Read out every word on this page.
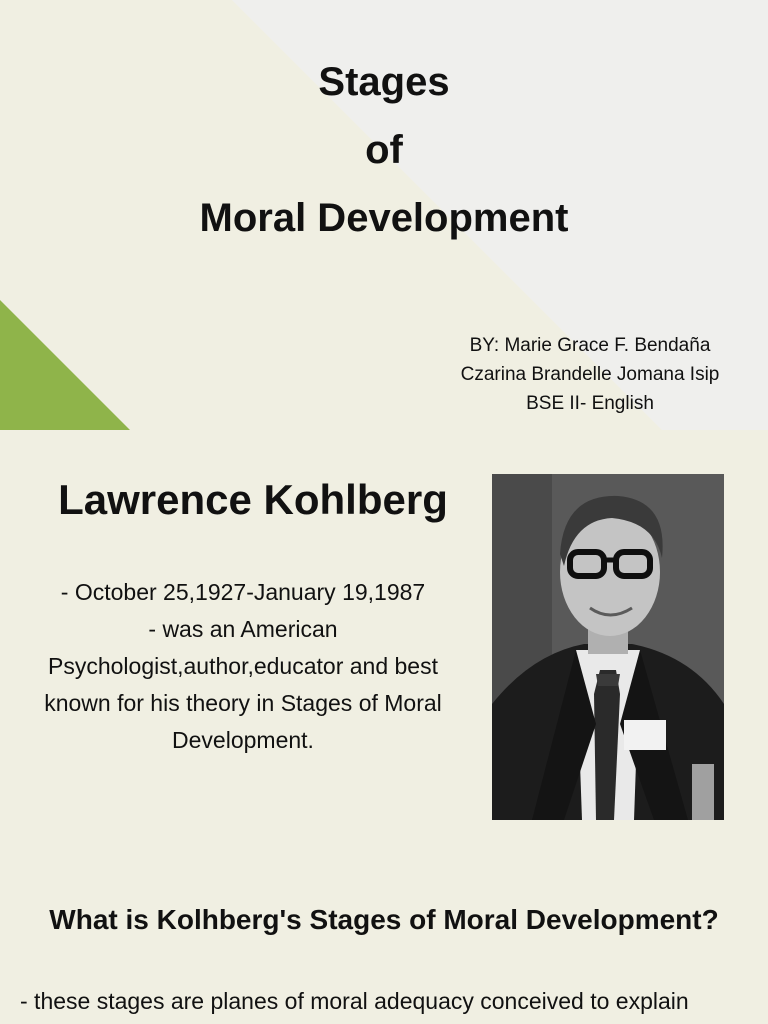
Stages
of
Moral Development
BY: Marie Grace F. Bendaña
Czarina Brandelle Jomana Isip
BSE II- English
Lawrence Kohlberg
- October 25,1927-January 19,1987
- was an American
Psychologist,author,educator and best
known for his theory in Stages of Moral
Development.
What is Kolhberg's Stages of Moral Development?
- these stages are planes of moral adequacy conceived to explain
